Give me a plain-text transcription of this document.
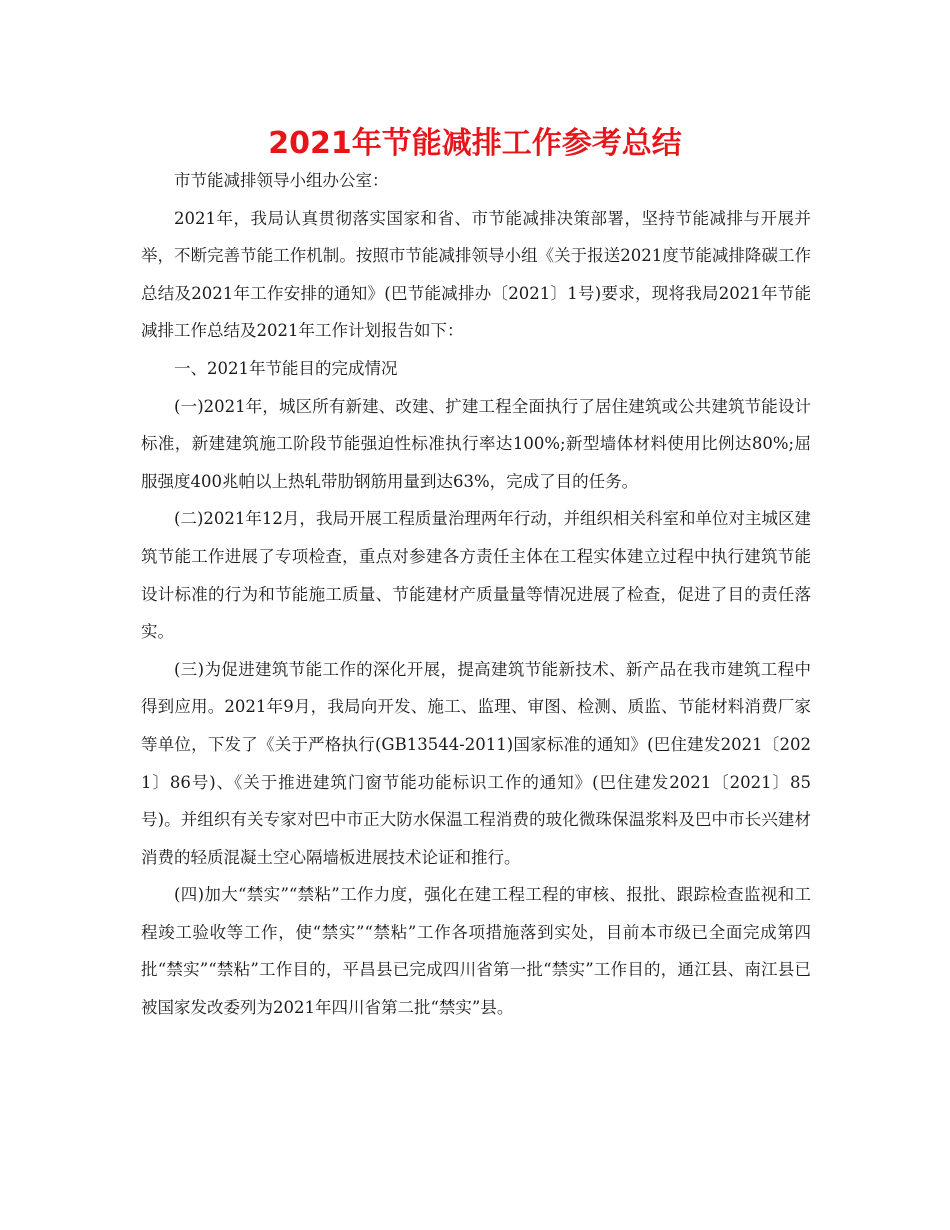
2021年节能减排工作参考总结

市节能减排领导小组办公室：

2021年，我局认真贯彻落实国家和省、市节能减排决策部署，坚持节能减排与开展并举，不断完善节能工作机制。按照市节能减排领导小组《关于报送2021度节能减排降碳工作总结及2021年工作安排的通知》(巴节能减排办〔2021〕1号)要求，现将我局2021年节能减排工作总结及2021年工作计划报告如下：

一、2021年节能目的完成情况

(一)2021年，城区所有新建、改建、扩建工程全面执行了居住建筑或公共建筑节能设计标准，新建建筑施工阶段节能强迫性标准执行率达100%;新型墙体材料使用比例达80%;屈服强度400兆帕以上热轧带肋钢筋用量到达63%，完成了目的任务。

(二)2021年12月，我局开展工程质量治理两年行动，并组织相关科室和单位对主城区建筑节能工作进展了专项检查，重点对参建各方责任主体在工程实体建立过程中执行建筑节能设计标准的行为和节能施工质量、节能建材产质量量等情况进展了检查，促进了目的责任落实。

(三)为促进建筑节能工作的深化开展，提高建筑节能新技术、新产品在我市建筑工程中得到应用。2021年9月，我局向开发、施工、监理、审图、检测、质监、节能材料消费厂家等单位，下发了《关于严格执行(GB13544-2011)国家标准的通知》(巴住建发2021〔2021〕86号)、《关于推进建筑门窗节能功能标识工作的通知》(巴住建发2021〔2021〕85号)。并组织有关专家对巴中市正大防水保温工程消费的玻化微珠保温浆料及巴中市长兴建材消费的轻质混凝土空心隔墙板进展技术论证和推行。

(四)加大“禁实”“禁粘”工作力度，强化在建工程工程的审核、报批、跟踪检查监视和工程竣工验收等工作，使“禁实”“禁粘”工作各项措施落到实处，目前本市级已全面完成第四批“禁实”“禁粘”工作目的，平昌县已完成四川省第一批“禁实”工作目的，通江县、南江县已被国家发改委列为2021年四川省第二批“禁实”县。
